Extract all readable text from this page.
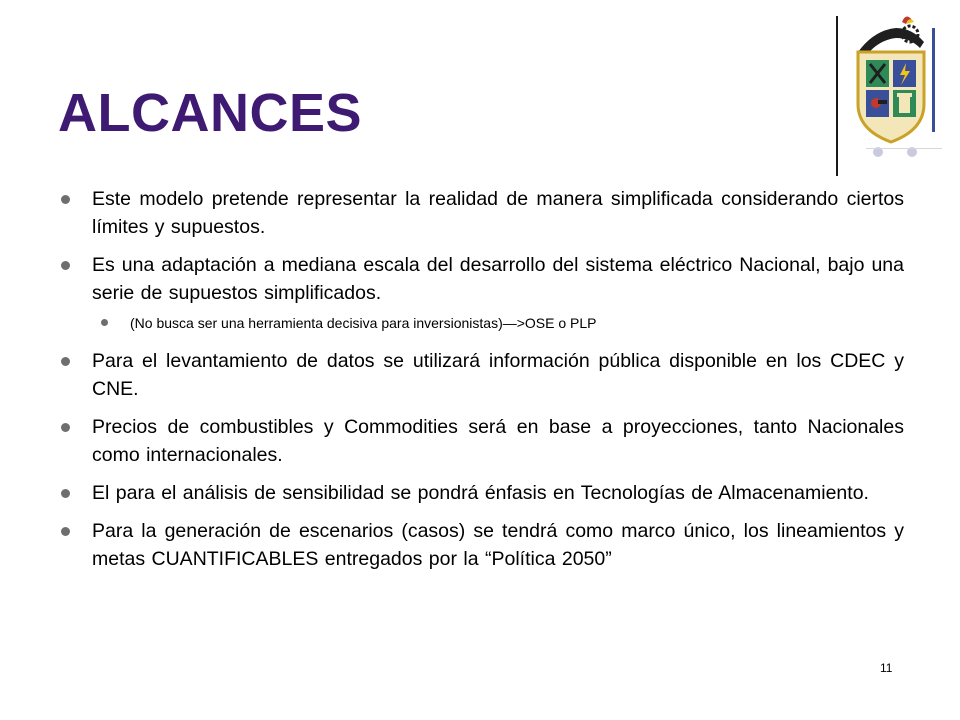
ALCANCES
Este modelo pretende representar la realidad de manera simplificada considerando ciertos límites y supuestos.
Es una adaptación a mediana escala del desarrollo del sistema eléctrico Nacional, bajo una serie de supuestos simplificados.
(No busca ser una herramienta decisiva para inversionistas)—>OSE o PLP
Para el levantamiento de datos se utilizará información pública disponible en los CDEC y CNE.
Precios de combustibles y Commodities será en base a proyecciones, tanto Nacionales como internacionales.
El para el análisis de sensibilidad se pondrá énfasis en Tecnologías de Almacenamiento.
Para la generación de escenarios (casos) se tendrá como marco único, los lineamientos y metas CUANTIFICABLES entregados por la “Política 2050”
11
